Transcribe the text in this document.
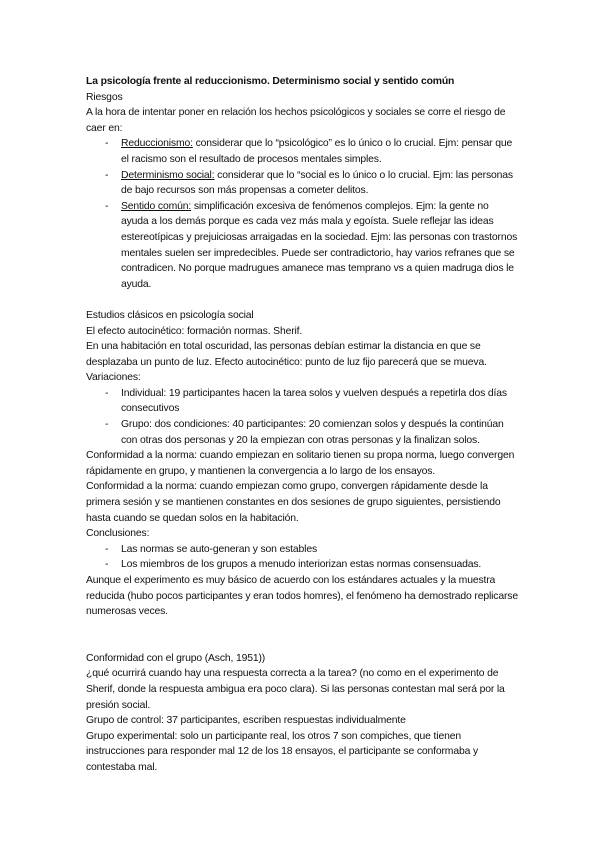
La psicología frente al reduccionismo. Determinismo social y sentido común

Riesgos

A la hora de intentar poner en relación los hechos psicológicos y sociales se corre el riesgo de caer en:

- Reduccionismo: considerar que lo “psicológico” es lo único o lo crucial. Ejm: pensar que el racismo son el resultado de procesos mentales simples.
- Determinismo social: considerar que lo “social es lo único o lo crucial. Ejm: las personas de bajo recursos son más propensas a cometer delitos.
- Sentido común: simplificación excesiva de fenómenos complejos. Ejm: la gente no ayuda a los demás porque es cada vez más mala y egoísta. Suele reflejar las ideas estereotípicas y prejuiciosas arraigadas en la sociedad. Ejm: las personas con trastornos mentales suelen ser impredecibles. Puede ser contradictorio, hay varios refranes que se contradicen. No porque madrugues amanece mas temprano vs a quien madruga dios le ayuda.

Estudios clásicos en psicología social

El efecto autocinético: formación normas. Sherif.

En una habitación en total oscuridad, las personas debían estimar la distancia en que se desplazaba un punto de luz. Efecto autocinético: punto de luz fijo parecerá que se mueva. Variaciones:

- Individual: 19 participantes hacen la tarea solos y vuelven después a repetirla dos días consecutivos
- Grupo: dos condiciones: 40 participantes: 20 comienzan solos y después la continúan con otras dos personas y 20 la empiezan con otras personas y la finalizan solos.

Conformidad a la norma: cuando empiezan en solitario tienen su propa norma, luego convergen rápidamente en grupo, y mantienen la convergencia a lo largo de los ensayos.

Conformidad a la norma: cuando empiezan como grupo, convergen rápidamente desde la primera sesión y se mantienen constantes en dos sesiones de grupo siguientes, persistiendo hasta cuando se quedan solos en la habitación.

Conclusiones:

- Las normas se auto-generan y son estables
- Los miembros de los grupos a menudo interiorizan estas normas consensuadas.

Aunque el experimento es muy básico de acuerdo con los estándares actuales y la muestra reducida (hubo pocos participantes y eran todos homres), el fenómeno ha demostrado replicarse numerosas veces.

Conformidad con el grupo (Asch, 1951))

¿qué ocurrirá cuando hay una respuesta correcta a la tarea? (no como en el experimento de Sherif, donde la respuesta ambigua era poco clara). Si las personas contestan mal será por la presión social.

Grupo de control: 37 participantes, escriben respuestas individualmente

Grupo experimental: solo un participante real, los otros 7 son compiches, que tienen instrucciones para responder mal 12 de los 18 ensayos, el participante se conformaba y contestaba mal.
